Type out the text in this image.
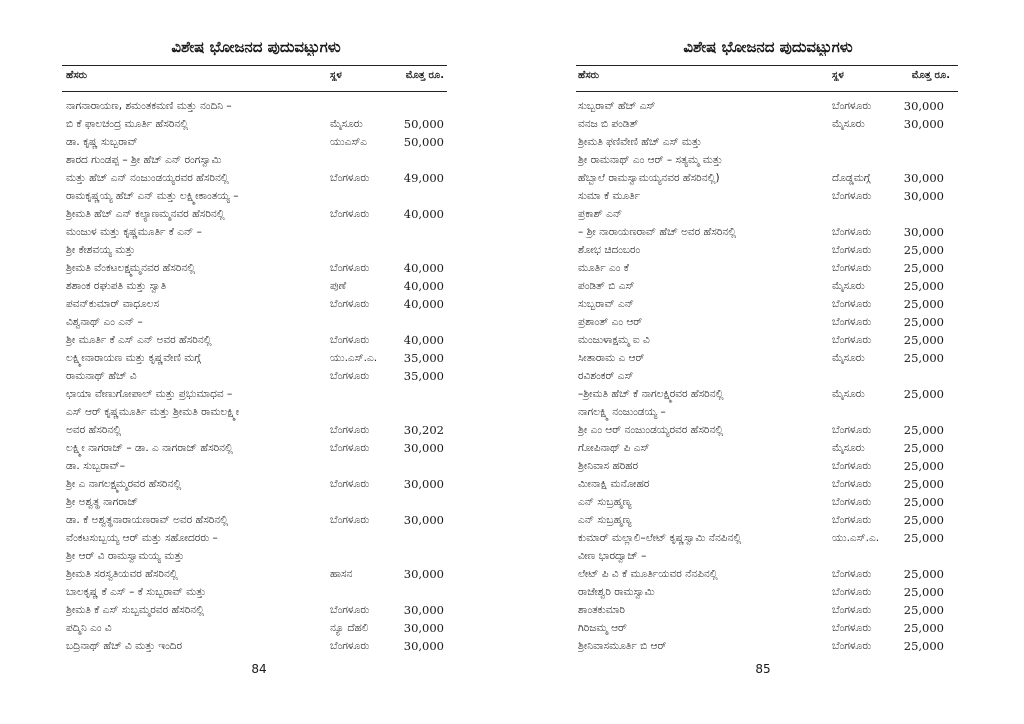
ವಿಶೇಷ ಭೋಜನದ ಪುದುವಟ್ಟುಗಳು
ಹೆಸರು	ಸ್ಥಳ	ಮೊತ್ತ ರೂ.
ನಾಗನಾರಾಯಣ, ಶಮಂತಕಮಣಿ ಮತ್ತು ನಂದಿನಿ –
ಬಿ ಕೆ ಫಾಲಚಂದ್ರ ಮೂರ್ತಿ ಹೆಸರಿನಲ್ಲಿ	ಮೈಸೂರು	50,000
ಡಾ. ಕೃಷ್ಣ ಸುಬ್ಬರಾವ್	ಯುಎಸ್‌ಎ	50,000
ಶಾರದ ಗುಂಡಪ್ಪ – ಶ್ರೀ ಹೆಚ್ ಎನ್ ರಂಗಸ್ವಾಮಿ
ಮತ್ತು ಹೆಚ್ ಎನ್ ನಂಜುಂಡಯ್ಯರವರ ಹೆಸರಿನಲ್ಲಿ	ಬೆಂಗಳೂರು	49,000
ರಾಮಕೃಷ್ಣಯ್ಯ ಹೆಚ್ ಎನ್ ಮತ್ತು ಲಕ್ಷ್ಮೀಕಾಂತಯ್ಯ –
ಶ್ರೀಮತಿ ಹೆಚ್ ಎನ್ ಕಲ್ಯಾಣಮ್ಮನವರ ಹೆಸರಿನಲ್ಲಿ	ಬೆಂಗಳೂರು	40,000
ಮಂಜುಳ ಮತ್ತು ಕೃಷ್ಣಮೂರ್ತಿ ಕೆ ಎನ್ –
ಶ್ರೀ ಕೇಶವಯ್ಯ ಮತ್ತು
ಶ್ರೀಮತಿ ವೆಂಕಟಲಕ್ಷ್ಮಮ್ಮನವರ ಹೆಸರಿನಲ್ಲಿ	ಬೆಂಗಳೂರು	40,000
ಶಶಾಂಕ ರಘುಪತಿ ಮತ್ತು ಸ್ವಾತಿ	ಪುಣೆ	40,000
ಪವನ್‌ಕುಮಾರ್ ವಾಧೂಲಸ	ಬೆಂಗಳೂರು	40,000
ವಿಶ್ವನಾಥ್ ಎಂ ಎನ್ –
ಶ್ರೀ ಮೂರ್ತಿ ಕೆ ಎಸ್ ಎನ್ ಅವರ ಹೆಸರಿನಲ್ಲಿ	ಬೆಂಗಳೂರು	40,000
ಲಕ್ಷ್ಮೀನಾರಾಯಣ ಮತ್ತು ಕೃಷ್ಣವೇಣಿ ಮಗ್ಗೆ	ಯು.ಎಸ್.ಎ.	35,000
ರಾಮನಾಥ್ ಹೆಚ್ ವಿ	ಬೆಂಗಳೂರು	35,000
ಛಾಯಾ ವೇಣುಗೋಪಾಲ್ ಮತ್ತು ಪ್ರಭುಮಾಧವ –
ಎಸ್ ಆರ್ ಕೃಷ್ಣಮೂರ್ತಿ ಮತ್ತು ಶ್ರೀಮತಿ ರಾಮಲಕ್ಷ್ಮೀ
ಅವರ ಹೆಸರಿನಲ್ಲಿ	ಬೆಂಗಳೂರು	30,202
ಲಕ್ಷ್ಮೀ ನಾಗರಾಜ್ – ಡಾ. ಎ ನಾಗರಾಜ್ ಹೆಸರಿನಲ್ಲಿ	ಬೆಂಗಳೂರು	30,000
ಡಾ. ಸುಬ್ಬರಾವ್–
ಶ್ರೀ ಎ ನಾಗಲಕ್ಷ್ಮಮ್ಮರವರ ಹೆಸರಿನಲ್ಲಿ	ಬೆಂಗಳೂರು	30,000
ಶ್ರೀ ಅಶ್ವತ್ಥ ನಾಗರಾಜ್
ಡಾ. ಕೆ ಅಶ್ವತ್ಥನಾರಾಯಣರಾವ್ ಅವರ ಹೆಸರಿನಲ್ಲಿ	ಬೆಂಗಳೂರು	30,000
ವೆಂಕಟಸುಬ್ಬಯ್ಯ ಆರ್ ಮತ್ತು ಸಹೋದರರು –
ಶ್ರೀ ಆರ್ ವಿ ರಾಮಸ್ವಾಮಯ್ಯ ಮತ್ತು
ಶ್ರೀಮತಿ ಸರಸ್ವತಿಯವರ ಹೆಸರಿನಲ್ಲಿ	ಹಾಸನ	30,000
ಬಾಲಕೃಷ್ಣ ಕೆ ಎಸ್ – ಕೆ ಸುಬ್ಬರಾವ್ ಮತ್ತು
ಶ್ರೀಮತಿ ಕೆ ಎಸ್ ಸುಬ್ಬಮ್ಮರವರ ಹೆಸರಿನಲ್ಲಿ	ಬೆಂಗಳೂರು	30,000
ಪದ್ಮಿನಿ ಎಂ ವಿ	ನ್ಯೂ ದೆಹಲಿ	30,000
ಬದ್ರಿನಾಥ್ ಹೆಚ್ ವಿ ಮತ್ತು ಇಂದಿರ	ಬೆಂಗಳೂರು	30,000
84
ವಿಶೇಷ ಭೋಜನದ ಪುದುವಟ್ಟುಗಳು
ಹೆಸರು	ಸ್ಥಳ	ಮೊತ್ತ ರೂ.
ಸುಬ್ಬರಾವ್ ಹೆಚ್ ಎಸ್	ಬೆಂಗಳೂರು	30,000
ವನಜ ಬಿ ಪಂಡಿತ್	ಮೈಸೂರು	30,000
ಶ್ರೀಮತಿ ಫಣಿವೇಣಿ ಹೆಚ್ ಎಸ್ ಮತ್ತು
ಶ್ರೀ ರಾಮನಾಥ್ ಎಂ ಆರ್ – ಸತ್ಯಮ್ಮ ಮತ್ತು
ಹೆಬ್ಬಾಲೆ ರಾಮಸ್ವಾಮಯ್ಯನವರ ಹೆಸರಿನಲ್ಲಿ)	ದೊಡ್ಡಮಗ್ಗೆ	30,000
ಸುಮಾ ಕೆ ಮೂರ್ತಿ	ಬೆಂಗಳೂರು	30,000
ಪ್ರಕಾಶ್ ಎನ್
– ಶ್ರೀ ನಾರಾಯಣರಾವ್ ಹೆಚ್ ಅವರ ಹೆಸರಿನಲ್ಲಿ	ಬೆಂಗಳೂರು	30,000
ಶೋಭ ಚಿದಂಬರಂ	ಬೆಂಗಳೂರು	25,000
ಮೂರ್ತಿ ಎಂ ಕೆ	ಬೆಂಗಳೂರು	25,000
ಪಂಡಿತ್ ಬಿ ಎಸ್	ಮೈಸೂರು	25,000
ಸುಬ್ಬರಾವ್ ಎನ್	ಬೆಂಗಳೂರು	25,000
ಪ್ರಶಾಂತ್ ಎಂ ಆರ್	ಬೆಂಗಳೂರು	25,000
ಮಂಜುಳಾಕ್ಷಮ್ಮ ಐ ವಿ	ಬೆಂಗಳೂರು	25,000
ಸೀತಾರಾಮ ಎ ಆರ್	ಮೈಸೂರು	25,000
ರವಿಶಂಕರ್ ಎಸ್
–ಶ್ರೀಮತಿ ಹೆಚ್ ಕೆ ನಾಗಲಕ್ಷ್ಮಿರವರ ಹೆಸರಿನಲ್ಲಿ	ಮೈಸೂರು	25,000
ನಾಗಲಕ್ಷ್ಮಿ ನಂಜುಂಡಯ್ಯ –
ಶ್ರೀ ಎಂ ಆರ್ ನಂಜುಂಡಯ್ಯರವರ ಹೆಸರಿನಲ್ಲಿ	ಬೆಂಗಳೂರು	25,000
ಗೋಪಿನಾಥ್ ಪಿ ಎಸ್	ಮೈಸೂರು	25,000
ಶ್ರೀನಿವಾಸ ಹರಿಹರ	ಬೆಂಗಳೂರು	25,000
ಮೀನಾಕ್ಷಿ ಮನೋಹರ	ಬೆಂಗಳೂರು	25,000
ಎನ್ ಸುಬ್ರಹ್ಮಣ್ಯ	ಬೆಂಗಳೂರು	25,000
ಎನ್ ಸುಬ್ರಹ್ಮಣ್ಯ	ಬೆಂಗಳೂರು	25,000
ಕುಮಾರ್ ಮಲ್ಲಾಲಿ–ಲೇಟ್ ಕೃಷ್ಣಸ್ವಾಮಿ ನೆನಪಿನಲ್ಲಿ	ಯು.ಎಸ್.ಎ.	25,000
ವೀಣ ಭಾರದ್ವಾಜ್ –
ಲೇಟ್ ಪಿ ವಿ ಕೆ ಮೂರ್ತಿಯವರ ನೆನಪಿನಲ್ಲಿ	ಬೆಂಗಳೂರು	25,000
ರಾಜೇಶ್ವರಿ ರಾಮಸ್ವಾಮಿ	ಬೆಂಗಳೂರು	25,000
ಶಾಂತಕುಮಾರಿ	ಬೆಂಗಳೂರು	25,000
ಗಿರಿಜಮ್ಮ ಆರ್	ಬೆಂಗಳೂರು	25,000
ಶ್ರೀನಿವಾಸಮೂರ್ತಿ ಬಿ ಆರ್	ಬೆಂಗಳೂರು	25,000
85
